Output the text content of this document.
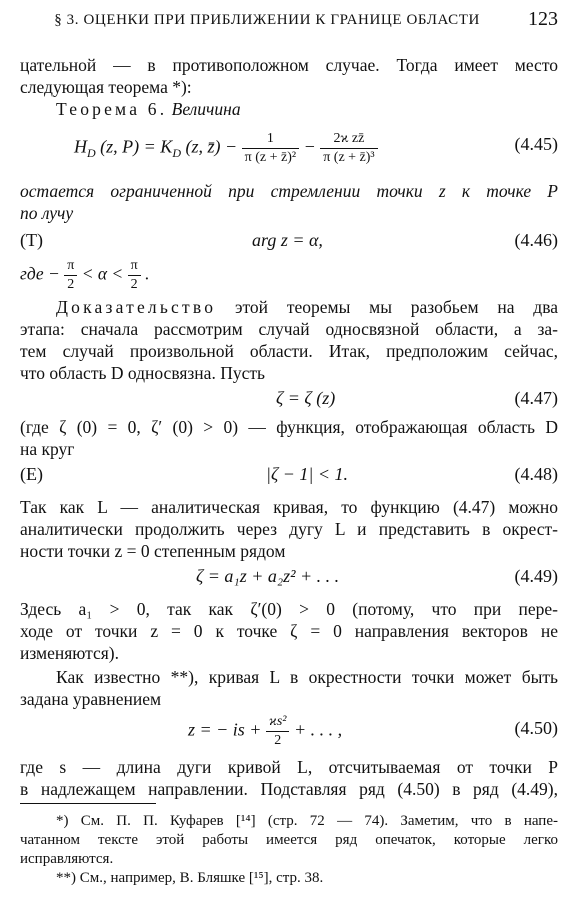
§ 3. ОЦЕНКИ ПРИ ПРИБЛИЖЕНИИ К ГРАНИЦЕ ОБЛАСТИ 123
цательной — в противоположном случае. Тогда имеет место
следующая теорема *):
Теорема 6. Величина
$H_D$ (z, $P) = K_D$ (z, z̄) − $\frac{1}{\text{π (z + z̄)²}} - \frac{\text{2ϰ zz̄}}{\text{π (z + z̄)³}}$	(4.45)
остается ограниченной при стремлении точки z к точке P
по лучу
(T)	arg z = α,	(4.46)
где − $\frac{\pi}{2} < \alpha < \frac{\pi}{2}$ .
Доказательство этой теоремы мы разобьем на два
этапа: сначала рассмотрим случай односвязной области, а за-
тем случай произвольной области. Итак, предположим сейчас,
что область D односвязна. Пусть
ζ = ζ (z)	(4.47)
(где ζ (0) = 0, ζ′ (0) > 0) — функция, отображающая область D
на круг
(E)	|ζ − 1| < 1.	(4.48)
Так как L — аналитическая кривая, то функцию (4.47) можно
аналитически продолжить через дугу L и представить в окрест-
ности точки z = 0 степенным рядом
ζ = a₁z + a₂z² + . . .	(4.49)
Здесь a₁ > 0, так как ζ′(0) > 0 (потому, что при пере-
ходе от точки z = 0 к точке ζ = 0 направления векторов не
изменяются).
Как известно **), кривая L в окрестности точки может быть
задана уравнением
z = − is + $\frac{\text{ϰs²}}{2}$ + . . . ,	(4.50)
где s — длина дуги кривой L, отсчитываемая от точки P
в надлежащем направлении. Подставляя ряд (4.50) в ряд (4.49),
*) См. П. П. Куфарев [¹⁴] (стр. 72 — 74). Заметим, что в напе-
чатанном тексте этой работы имеется ряд опечаток, которые легко
исправляются.
**) См., например, В. Бляшке [¹⁵], стр. 38.
